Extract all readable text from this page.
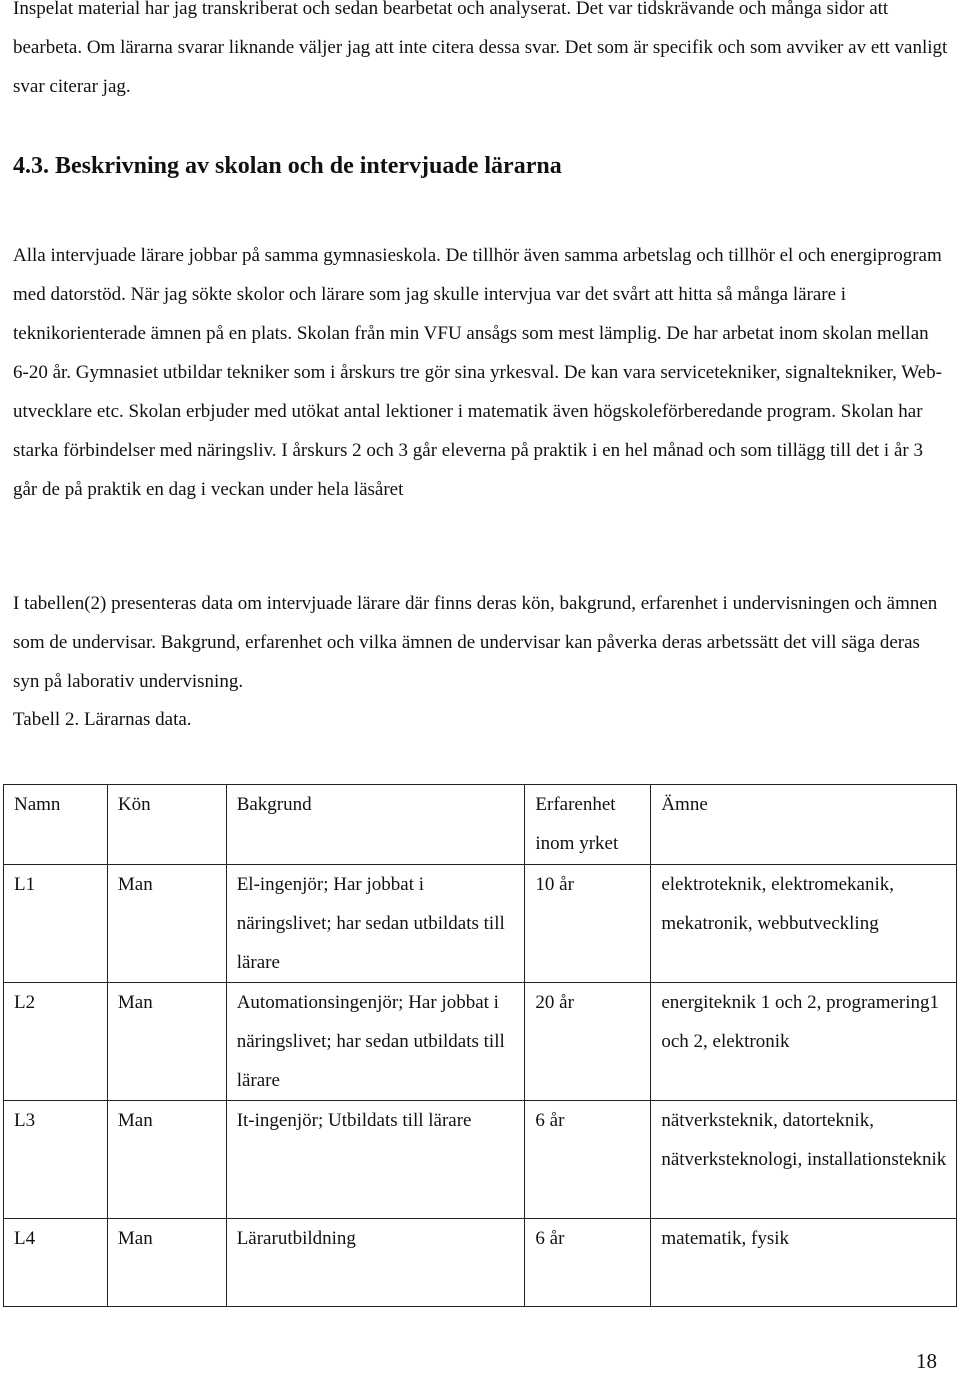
Inspelat material har jag transkriberat och sedan bearbetat och analyserat. Det var tidskrävande och många sidor att bearbeta. Om lärarna svarar liknande väljer jag att inte citera dessa svar. Det som är specifik och som avviker av ett vanligt svar citerar jag.

4.3. Beskrivning av skolan och de intervjuade lärarna

Alla intervjuade lärare jobbar på samma gymnasieskola. De tillhör även samma arbetslag och tillhör el och energiprogram med datorstöd. När jag sökte skolor och lärare som jag skulle intervjua var det svårt att hitta så många lärare i teknikorienterade ämnen på en plats. Skolan från min VFU ansågs som mest lämplig. De har arbetat inom skolan mellan 6-20 år. Gymnasiet utbildar tekniker som i årskurs tre gör sina yrkesval. De kan vara servicetekniker, signaltekniker, Web-utvecklare etc. Skolan erbjuder med utökat antal lektioner i matematik även högskoleförberedande program. Skolan har starka förbindelser med näringsliv. I årskurs 2 och 3 går eleverna på praktik i en hel månad och som tillägg till det i år 3 går de på praktik en dag i veckan under hela läsåret

I tabellen(2) presenteras data om intervjuade lärare där finns deras kön, bakgrund, erfarenhet i undervisningen och ämnen som de undervisar. Bakgrund, erfarenhet och vilka ämnen de undervisar kan påverka deras arbetssätt det vill säga deras syn på laborativ undervisning.

Tabell 2. Lärarnas data.

Namn	Kön	Bakgrund	Erfarenhet inom yrket	Ämne
L1	Man	El-ingenjör; Har jobbat i näringslivet; har sedan utbildats till lärare	10 år	elektroteknik, elektromekanik, mekatronik, webbutveckling
L2	Man	Automationsingenjör; Har jobbat i näringslivet; har sedan utbildats till lärare	20 år	energiteknik 1 och 2, programering1 och 2, elektronik
L3	Man	It-ingenjör; Utbildats till lärare	6 år	nätverksteknik, datorteknik, nätverksteknologi, installationsteknik
L4	Man	Lärarutbildning	6 år	matematik, fysik

18
